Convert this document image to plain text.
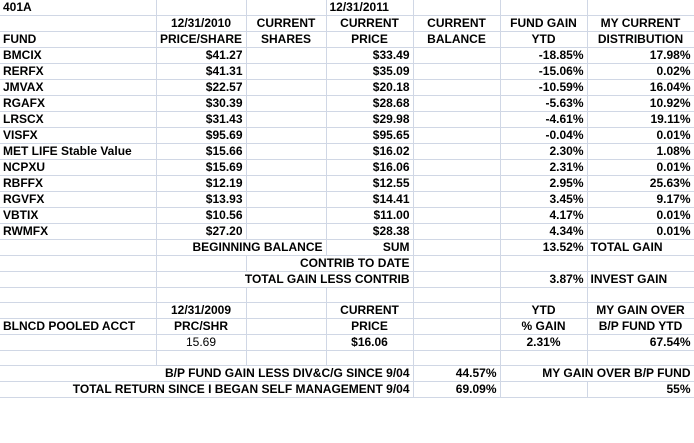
401A			12/31/2011			
	12/31/2010	CURRENT	CURRENT	CURRENT	FUND GAIN	MY CURRENT
FUND	PRICE/SHARE	SHARES	PRICE	BALANCE	YTD	DISTRIBUTION
BMCIX	$41.27		$33.49		-18.85%	17.98%
RERFX	$41.31		$35.09		-15.06%	0.02%
JMVAX	$22.57		$20.18		-10.59%	16.04%
RGAFX	$30.39		$28.68		-5.63%	10.92%
LRSCX	$31.43		$29.98		-4.61%	19.11%
VISFX	$95.69		$95.65		-0.04%	0.01%
MET LIFE Stable Value	$15.66		$16.02		2.30%	1.08%
NCPXU	$15.69		$16.06		2.31%	0.01%
RBFFX	$12.19		$12.55		2.95%	25.63%
RGVFX	$13.93		$14.41		3.45%	9.17%
VBTIX	$10.56		$11.00		4.17%	0.01%
RWMFX	$27.20		$28.38		4.34%	0.01%
	BEGINNING BALANCE		SUM		13.52%	TOTAL GAIN
		CONTRIB TO DATE				
	TOTAL GAIN LESS CONTRIB				3.87%	INVEST GAIN

	12/31/2009		CURRENT		YTD	MY GAIN OVER
BLNCD POOLED ACCT	PRC/SHR		PRICE		% GAIN	B/P FUND YTD
	15.69		$16.06		2.31%	67.54%

B/P FUND GAIN LESS DIV&C/G SINCE 9/04				44.57%	MY GAIN OVER B/P FUND	
TOTAL RETURN SINCE I BEGAN SELF MANAGEMENT 9/04				69.09%		55%
